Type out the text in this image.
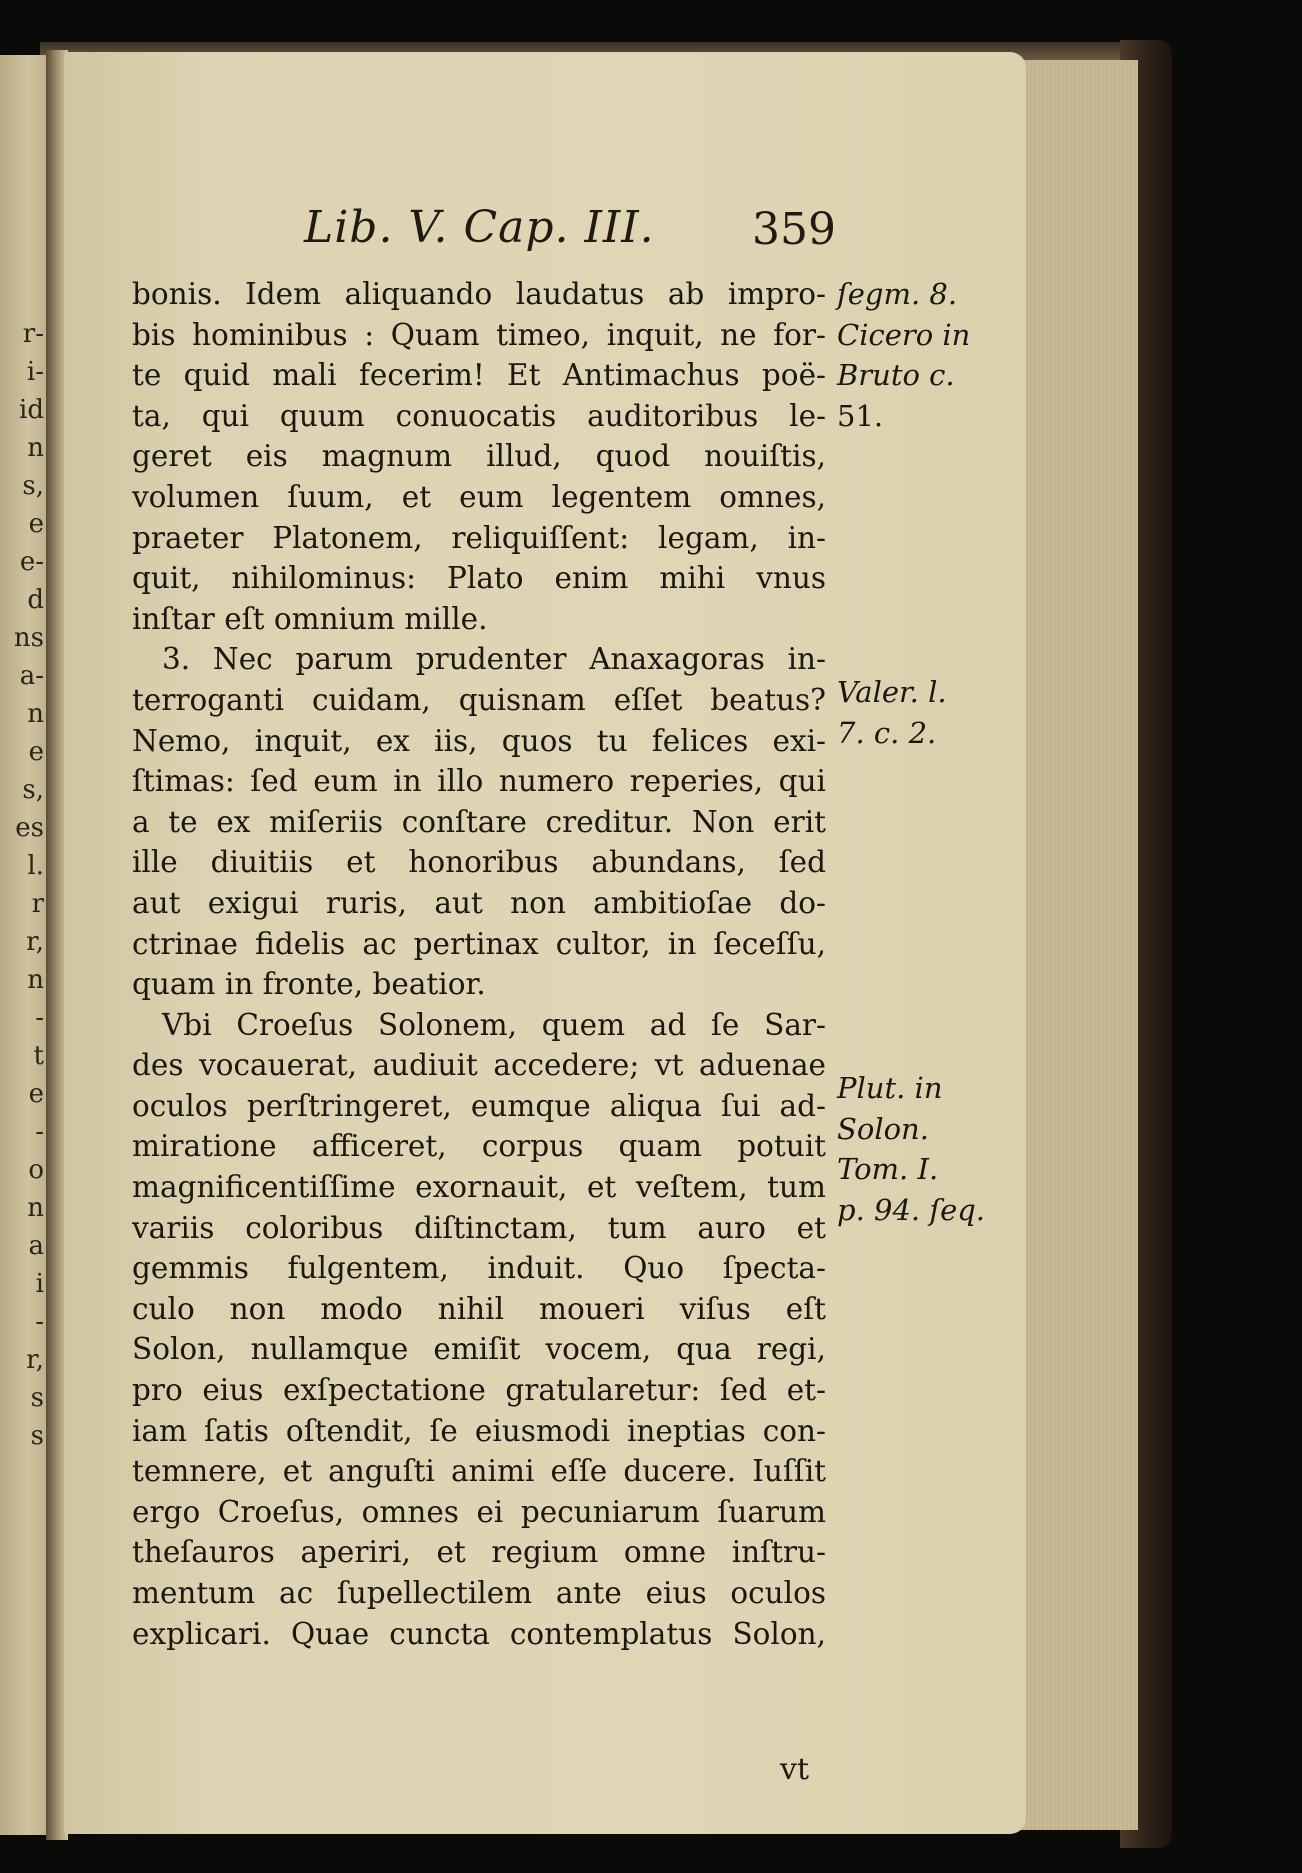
r-
i-
id
n
s,
e
e-
d
ns
a-
n
e
s,
es
l.
r
r,
n
-
t
e
-
o
n
a
i
-
r,
s
s
Lib. V. Cap. III. 359
bonis. Idem aliquando laudatus ab impro-
bis hominibus : Quam timeo, inquit, ne for-
te quid mali fecerim! Et Antimachus poë-
ta, qui quum conuocatis auditoribus le-
geret eis magnum illud, quod nouiſtis,
volumen ſuum, et eum legentem omnes,
praeter Platonem, reliquiſſent: legam, in-
quit, nihilominus: Plato enim mihi vnus
inſtar eſt omnium mille.
3. Nec parum prudenter Anaxagoras in-
terroganti cuidam, quisnam eſſet beatus?
Nemo, inquit, ex iis, quos tu felices exi-
ſtimas: ſed eum in illo numero reperies, qui
a te ex miſeriis conſtare creditur. Non erit
ille diuitiis et honoribus abundans, ſed
aut exigui ruris, aut non ambitioſae do-
ctrinae fidelis ac pertinax cultor, in ſeceſſu,
quam in fronte, beatior.
Vbi Croeſus Solonem, quem ad ſe Sar-
des vocauerat, audiuit accedere; vt aduenae
oculos perſtringeret, eumque aliqua ſui ad-
miratione afficeret, corpus quam potuit
magnificentiſſime exornauit, et veſtem, tum
variis coloribus diſtinctam, tum auro et
gemmis fulgentem, induit. Quo ſpecta-
culo non modo nihil moueri viſus eſt
Solon, nullamque emiſit vocem, qua regi,
pro eius exſpectatione gratularetur: ſed et-
iam ſatis oſtendit, ſe eiusmodi ineptias con-
temnere, et anguſti animi eſſe ducere. Iuſſit
ergo Croeſus, omnes ei pecuniarum ſuarum
theſauros aperiri, et regium omne inſtru-
mentum ac ſupellectilem ante eius oculos
explicari. Quae cuncta contemplatus Solon,
ſegm. 8.
Cicero in
Bruto c.
51.
Valer. l.
7. c. 2.
Plut. in
Solon.
Tom. I.
p. 94. ſeq.
vt
